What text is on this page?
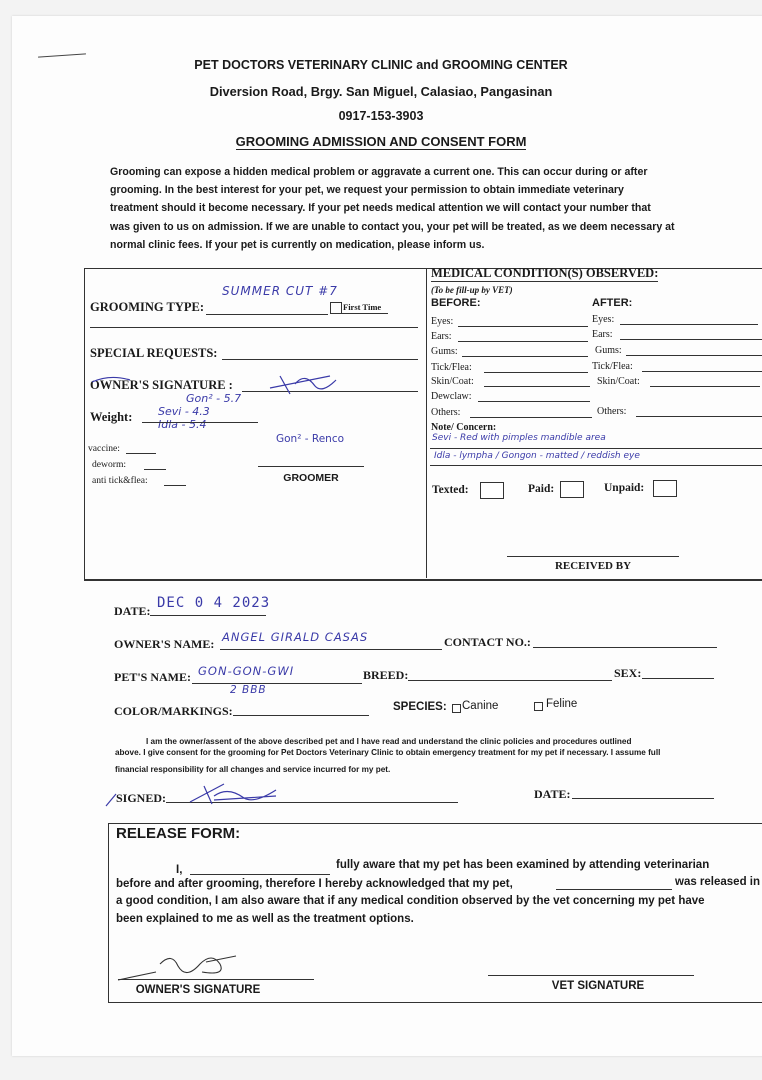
PET DOCTORS VETERINARY CLINIC and GROOMING CENTER
Diversion Road, Brgy. San Miguel, Calasiao, Pangasinan
0917-153-3903
GROOMING ADMISSION AND CONSENT FORM
Grooming can expose a hidden medical problem or aggravate a current one. This can occur during or after
grooming. In the best interest for your pet, we request your permission to obtain immediate veterinary
treatment should it become necessary. If your pet needs medical attention we will contact your number that
was given to us on admission. If we are unable to contact you, your pet will be treated, as we deem necessary at
normal clinic fees. If your pet is currently on medication, please inform us.
GROOMING TYPE:
SUMMER CUT #7
First Time
SPECIAL REQUESTS:
OWNER'S SIGNATURE :
Weight:
Gon² - 5.7
Sevi - 4.3
Idla - 5.4
vaccine:
deworm:
anti tick&flea:
Gon² - Renco
GROOMER
MEDICAL CONDITION(S) OBSERVED:
(To be fill-up by VET)
BEFORE:	AFTER:
Eyes:	Eyes:
Ears:	Ears:
Gums:	Gums:
Tick/Flea:	Tick/Flea:
Skin/Coat:	Skin/Coat:
Dewclaw:
Others:	Others:
Note/ Concern:
Sevi - Red with pimples mandible area
Idla - lympha / Gongon - matted / reddish eye
Texted:	Paid:	Unpaid:
RECEIVED BY
DATE: DEC 0 4 2023
OWNER'S NAME: ANGEL GIRALD CASAS	CONTACT NO.:
PET'S NAME: GON-GON-GWI
2 BBB
BREED:	SEX:
COLOR/MARKINGS:	SPECIES: Canine	Feline
I am the owner/assent of the above described pet and I have read and understand the clinic policies and procedures outlined
above. I give consent for the grooming for Pet Doctors Veterinary Clinic to obtain emergency treatment for my pet if necessary. I assume full
financial responsibility for all changes and service incurred for my pet.
SIGNED:	DATE:
RELEASE FORM:
I,	fully aware that my pet has been examined by attending veterinarian
before and after grooming, therefore I hereby acknowledged that my pet,	was released in
a good condition, I am also aware that if any medical condition observed by the vet concerning my pet have
been explained to me as well as the treatment options.
OWNER'S SIGNATURE	VET SIGNATURE
